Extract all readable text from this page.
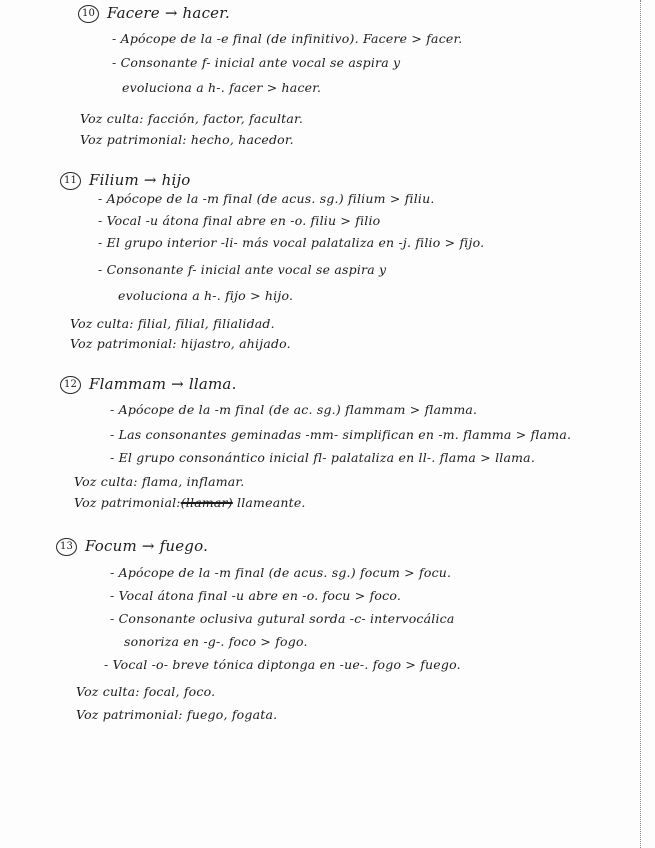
10 Facere → hacer.
- Apócope de la -e final (de infinitivo). Facere > facer.
- Consonante f- inicial ante vocal se aspira y
evoluciona a h-. facer > hacer.
Voz culta: facción, factor, facultar.
Voz patrimonial: hecho, hacedor.
11 Filium → hijo
- Apócope de la -m final (de acus. sg.) filium > filiu.
- Vocal -u átona final abre en -o. filiu > filio
- El grupo interior -li- más vocal palataliza en -j. filio > fijo.
- Consonante f- inicial ante vocal se aspira y
evoluciona a h-. fijo > hijo.
Voz culta: filial, filial, filialidad.
Voz patrimonial: hijastro, ahijado.
12 Flammam → llama.
- Apócope de la -m final (de ac. sg.) flammam > flamma.
- Las consonantes geminadas -mm- simplifican en -m. flamma > flama.
- El grupo consonántico inicial fl- palataliza en ll-. flama > llama.
Voz culta: flama, inflamar.
Voz patrimonial:(llamar) llameante.
13 Focum → fuego.
- Apócope de la -m final (de acus. sg.) focum > focu.
- Vocal átona final -u abre en -o. focu > foco.
- Consonante oclusiva gutural sorda -c- intervocálica
sonoriza en -g-. foco > fogo.
- Vocal -o- breve tónica diptonga en -ue-. fogo > fuego.
Voz culta: focal, foco.
Voz patrimonial: fuego, fogata.
